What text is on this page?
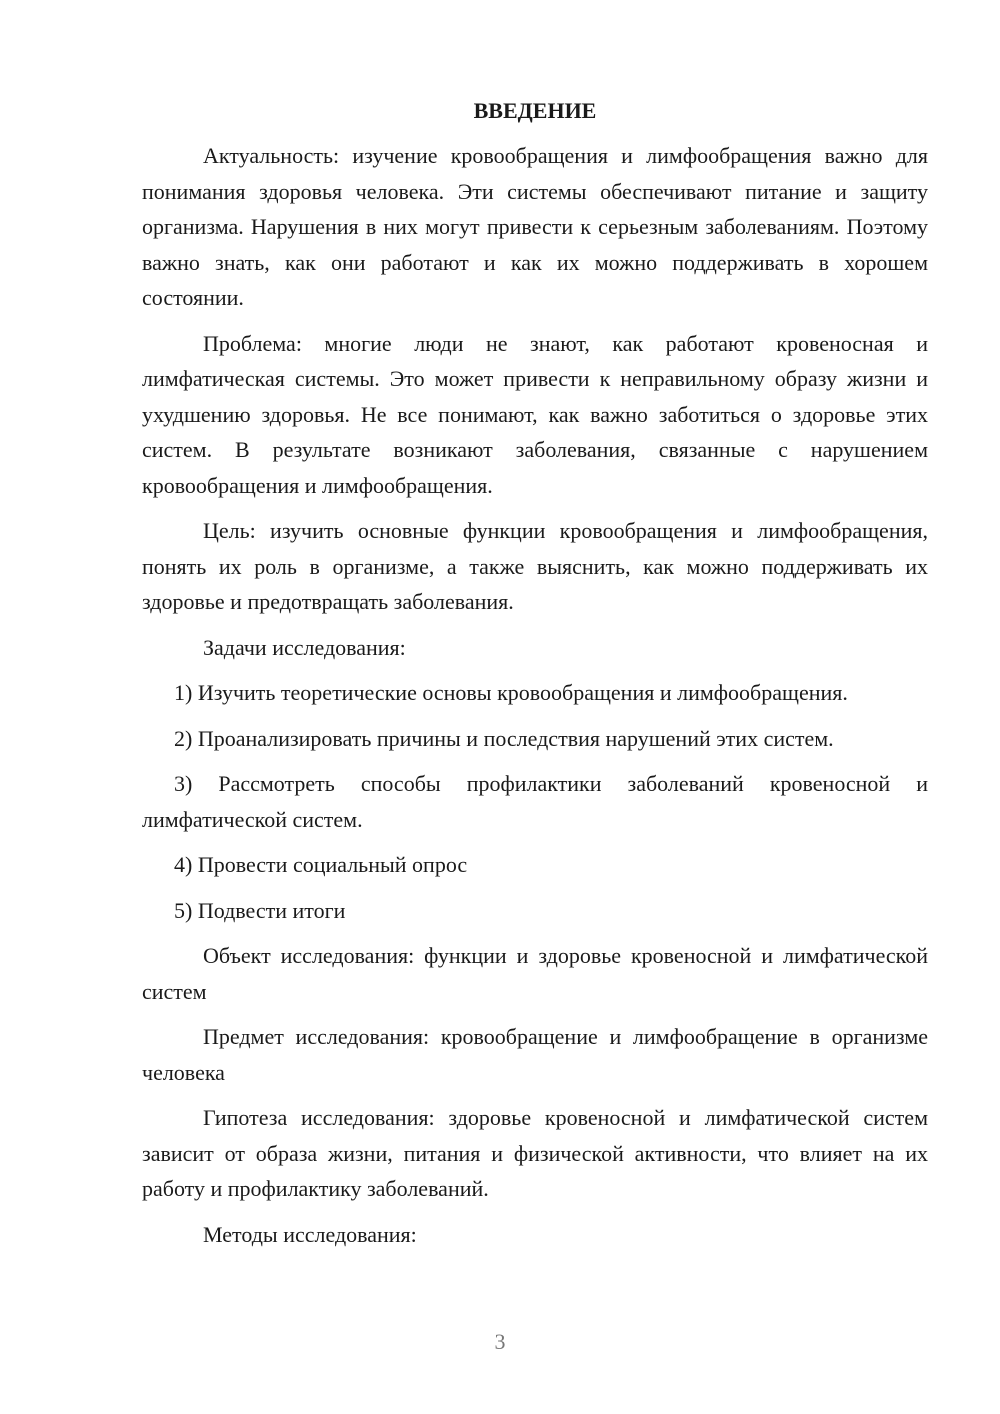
ВВЕДЕНИЕ

Актуальность: изучение кровообращения и лимфообращения важно для понимания здоровья человека. Эти системы обеспечивают питание и защиту организма. Нарушения в них могут привести к серьезным заболеваниям. Поэтому важно знать, как они работают и как их можно поддерживать в хорошем состоянии.

Проблема: многие люди не знают, как работают кровеносная и лимфатическая системы. Это может привести к неправильному образу жизни и ухудшению здоровья. Не все понимают, как важно заботиться о здоровье этих систем. В результате возникают заболевания, связанные с нарушением кровообращения и лимфообращения.

Цель: изучить основные функции кровообращения и лимфообращения, понять их роль в организме, а также выяснить, как можно поддерживать их здоровье и предотвращать заболевания.

Задачи исследования:

1) Изучить теоретические основы кровообращения и лимфообращения.

2) Проанализировать причины и последствия нарушений этих систем.

3) Рассмотреть способы профилактики заболеваний кровеносной и лимфатической систем.

4) Провести социальный опрос

5) Подвести итоги

Объект исследования: функции и здоровье кровеносной и лимфатической систем

Предмет исследования: кровообращение и лимфообращение в организме человека

Гипотеза исследования: здоровье кровеносной и лимфатической систем зависит от образа жизни, питания и физической активности, что влияет на их работу и профилактику заболеваний.

Методы исследования:

3
